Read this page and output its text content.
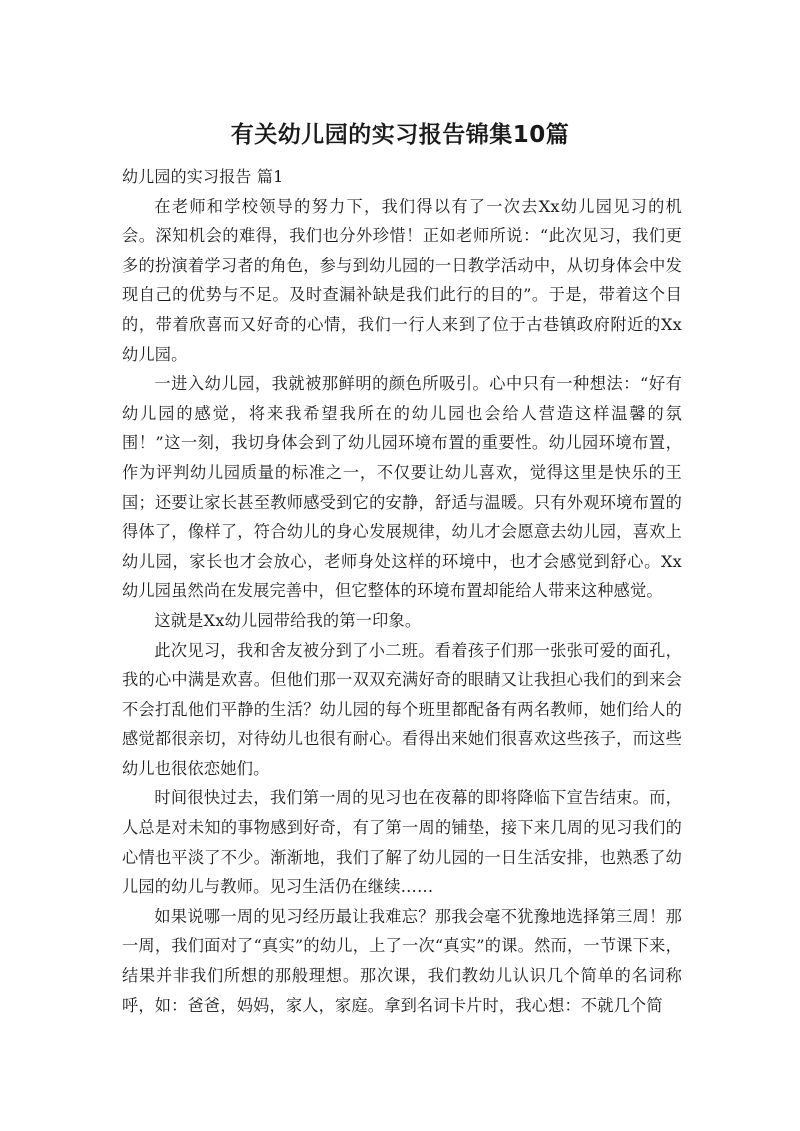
有关幼儿园的实习报告锦集10篇

幼儿园的实习报告 篇1

在老师和学校领导的努力下，我们得以有了一次去Xx幼儿园见习的机会。深知机会的难得，我们也分外珍惜！正如老师所说：“此次见习，我们更多的扮演着学习者的角色，参与到幼儿园的一日教学活动中，从切身体会中发现自己的优势与不足。及时查漏补缺是我们此行的目的”。于是，带着这个目的，带着欣喜而又好奇的心情，我们一行人来到了位于古巷镇政府附近的Xx幼儿园。

一进入幼儿园，我就被那鲜明的颜色所吸引。心中只有一种想法：“好有幼儿园的感觉，将来我希望我所在的幼儿园也会给人营造这样温馨的氛围！”这一刻，我切身体会到了幼儿园环境布置的重要性。幼儿园环境布置，作为评判幼儿园质量的标准之一，不仅要让幼儿喜欢，觉得这里是快乐的王国；还要让家长甚至教师感受到它的安静，舒适与温暖。只有外观环境布置的得体了，像样了，符合幼儿的身心发展规律，幼儿才会愿意去幼儿园，喜欢上幼儿园，家长也才会放心，老师身处这样的环境中，也才会感觉到舒心。Xx幼儿园虽然尚在发展完善中，但它整体的环境布置却能给人带来这种感觉。

这就是Xx幼儿园带给我的第一印象。

此次见习，我和舍友被分到了小二班。看着孩子们那一张张可爱的面孔，我的心中满是欢喜。但他们那一双双充满好奇的眼睛又让我担心我们的到来会不会打乱他们平静的生活？幼儿园的每个班里都配备有两名教师，她们给人的感觉都很亲切，对待幼儿也很有耐心。看得出来她们很喜欢这些孩子，而这些幼儿也很依恋她们。

时间很快过去，我们第一周的见习也在夜幕的即将降临下宣告结束。而，人总是对未知的事物感到好奇，有了第一周的铺垫，接下来几周的见习我们的心情也平淡了不少。渐渐地，我们了解了幼儿园的一日生活安排，也熟悉了幼儿园的幼儿与教师。见习生活仍在继续……

如果说哪一周的见习经历最让我难忘？那我会毫不犹豫地选择第三周！那一周，我们面对了“真实”的幼儿，上了一次“真实”的课。然而，一节课下来，结果并非我们所想的那般理想。那次课，我们教幼儿认识几个简单的名词称呼，如：爸爸，妈妈，家人，家庭。拿到名词卡片时，我心想：不就几个简
